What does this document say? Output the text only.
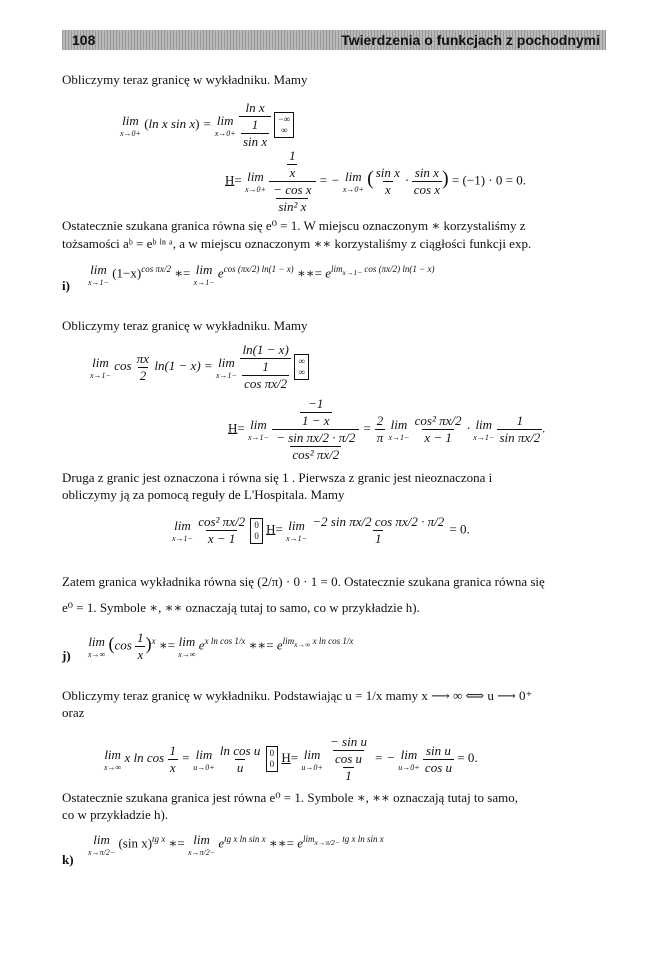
108	Twierdzenia o funkcjach z pochodnymi
Obliczymy teraz granicę w wykładniku. Mamy
lim
x→0+
(ln x sin x) = lim
x→0+
$\frac{\text{ln x}}{\frac{1}{\text{sin x}}}$ −∞
∞
H= lim
x→0+
$\frac{\frac{1}{x}}{\frac{\text{− cos x}}{\text{sin² x}}}$ = − lim
x→0+
( $\frac{\text{sin x}}{x} \cdot \frac{\text{sin x}}{\text{cos x}}$ ) = (−1) · 0 = 0.
Ostatecznie szukana granica równa się e⁰ = 1. W miejscu oznaczonym ∗ korzystaliśmy z
tożsamości aᵇ = eᵇ ˡⁿ ᵃ, a w miejscu oznaczonym ∗∗ korzystaliśmy z ciągłości funkcji exp.
i)
lim
x→1−
$(1-x)^{cos \pi x/2}$ ∗= lim
x→1−
$e^{cos (\pi x/2) ln(1 - x)}$ ∗∗= $e^{lim_{x\to 1-} cos (\pi x/2) ln(1 - x)}$
Obliczymy teraz granicę w wykładniku. Mamy
lim
x→1−
$\cos \frac{\pi x}{2} \ln(1 - x) = \lim$
x→1−
$\frac{\ln(1 - x)}{\frac{1}{\text{cos πx/2}}}$ ∞
∞
H= lim
x→1−
$\frac{\frac{-1}{1 - x}}{\frac{\text{− sin πx/2 · π/2}}{\text{cos² πx/2}}} = \frac{2}{\pi}$
lim
x→1−
$\frac{\text{cos² πx/2}}{x - 1} \cdot \lim$
x→1−
$\frac{1}{\text{sin πx/2}}$ .
Druga z granic jest oznaczona i równa się 1 . Pierwsza z granic jest nieoznaczona i
obliczymy ją za pomocą reguły de L'Hospitala. Mamy
lim
x→1−
$\frac{\text{cos² πx/2}}{x - 1} 0$
0 H= lim
x→1−
$\frac{\text{−2 sin πx/2 cos πx/2 · π/2}}{1} = 0$.
Zatem granica wykładnika równa się (2/π) · 0 · 1 = 0. Ostatecznie szukana granica równa się
e⁰ = 1. Symbole ∗, ∗∗ oznaczają tutaj to samo, co w przykładzie h).
j)
lim
x→∞
$(\cos \frac{1}{x} )^x$ ∗= lim
x→∞
$e^{x ln cos 1/x}$ ∗∗= $e^{lim_{x\to\infty} x ln cos 1/x}$
Obliczymy teraz granicę w wykładniku. Podstawiając u = 1/x mamy x ⟶ ∞ ⟺ u ⟶ 0⁺
oraz
lim
x→∞
x $\ln \cos \frac{1}{x} = \lim$
u→0+
$\frac{\text{ln cos u}}{u} 0$
0 H= lim
u→0+
$\frac{\frac{\text{− sin u}}{\text{cos u}}}{1}$ = − lim
u→0+
$\frac{\text{sin u}}{\text{cos u}} = 0$.
Ostatecznie szukana granica jest równa e⁰ = 1. Symbole ∗, ∗∗ oznaczają tutaj to samo,
co w przykładzie h).
k)
lim
x→π/2−
(sin x)$^{tg x}$ ∗= lim
x→π/2−
$e^{tg x ln sin x}$ ∗∗= $e^{lim_{x\to\pi/2-} tg x ln sin x}$
